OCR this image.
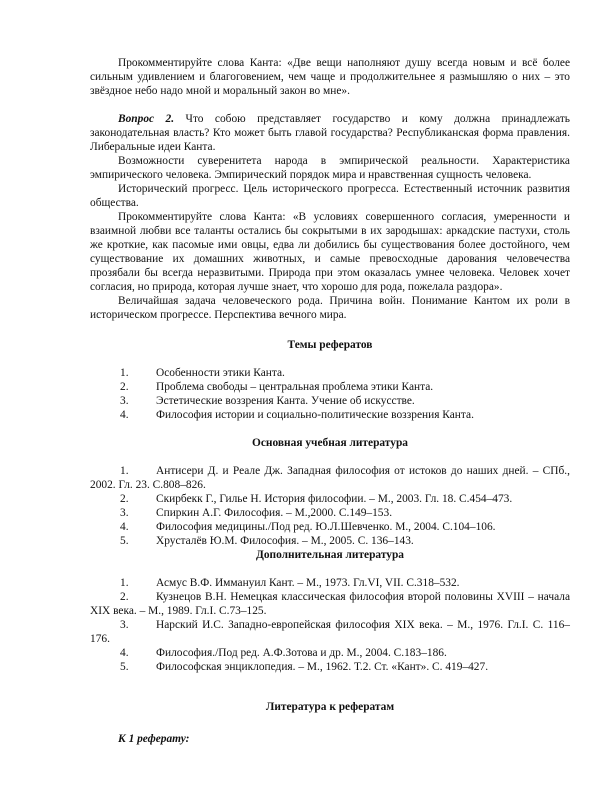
Прокомментируйте слова Канта: «Две вещи наполняют душу всегда новым и всё более сильным удивлением и благоговением, чем чаще и продолжительнее я размышляю о них – это звёздное небо надо мной и моральный закон во мне».

Вопрос 2. Что собою представляет государство и кому должна принадлежать законодательная власть? Кто может быть главой государства? Республиканская форма правления. Либеральные идеи Канта.

Возможности суверенитета народа в эмпирической реальности. Характеристика эмпирического человека. Эмпирический порядок мира и нравственная сущность человека.

Исторический прогресс. Цель исторического прогресса. Естественный источник развития общества.

Прокомментируйте слова Канта: «В условиях совершенного согласия, умеренности и взаимной любви все таланты остались бы сокрытыми в их зародышах: аркадские пастухи, столь же кроткие, как пасомые ими овцы, едва ли добились бы существования более достойного, чем существование их домашних животных, и самые превосходные дарования человечества прозябали бы всегда неразвитыми. Природа при этом оказалась умнее человека. Человек хочет согласия, но природа, которая лучше знает, что хорошо для рода, пожелала раздора».

Величайшая задача человеческого рода. Причина войн. Понимание Кантом их роли в историческом прогрессе. Перспектива вечного мира.

Темы рефератов

1. Особенности этики Канта.
2. Проблема свободы – центральная проблема этики Канта.
3. Эстетические воззрения Канта. Учение об искусстве.
4. Философия истории и социально-политические воззрения Канта.

Основная учебная литература

1. Антисери Д. и Реале Дж. Западная философия от истоков до наших дней. – СПб., 2002. Гл. 23. С.808–826.
2. Скирбекк Г., Гилье Н. История философии. – М., 2003. Гл. 18. С.454–473.
3. Спиркин А.Г. Философия. – М.,2000. С.149–153.
4. Философия медицины./Под ред. Ю.Л.Шевченко. М., 2004. С.104–106.
5. Хрусталёв Ю.М. Философия. – М., 2005. С. 136–143.

Дополнительная литература

1. Асмус В.Ф. Иммануил Кант. – М., 1973. Гл.VI, VII. С.318–532.
2. Кузнецов В.Н. Немецкая классическая философия второй половины XVIII – начала XIX века. – М., 1989. Гл.I. С.73–125.
3. Нарский И.С. Западно-европейская философия XIX века. – М., 1976. Гл.I. С. 116–176.
4. Философия./Под ред. А.Ф.Зотова и др. М., 2004. С.183–186.
5. Философская энциклопедия. – М., 1962. Т.2. Ст. «Кант». С. 419–427.

Литература к рефератам

К 1 реферату:
